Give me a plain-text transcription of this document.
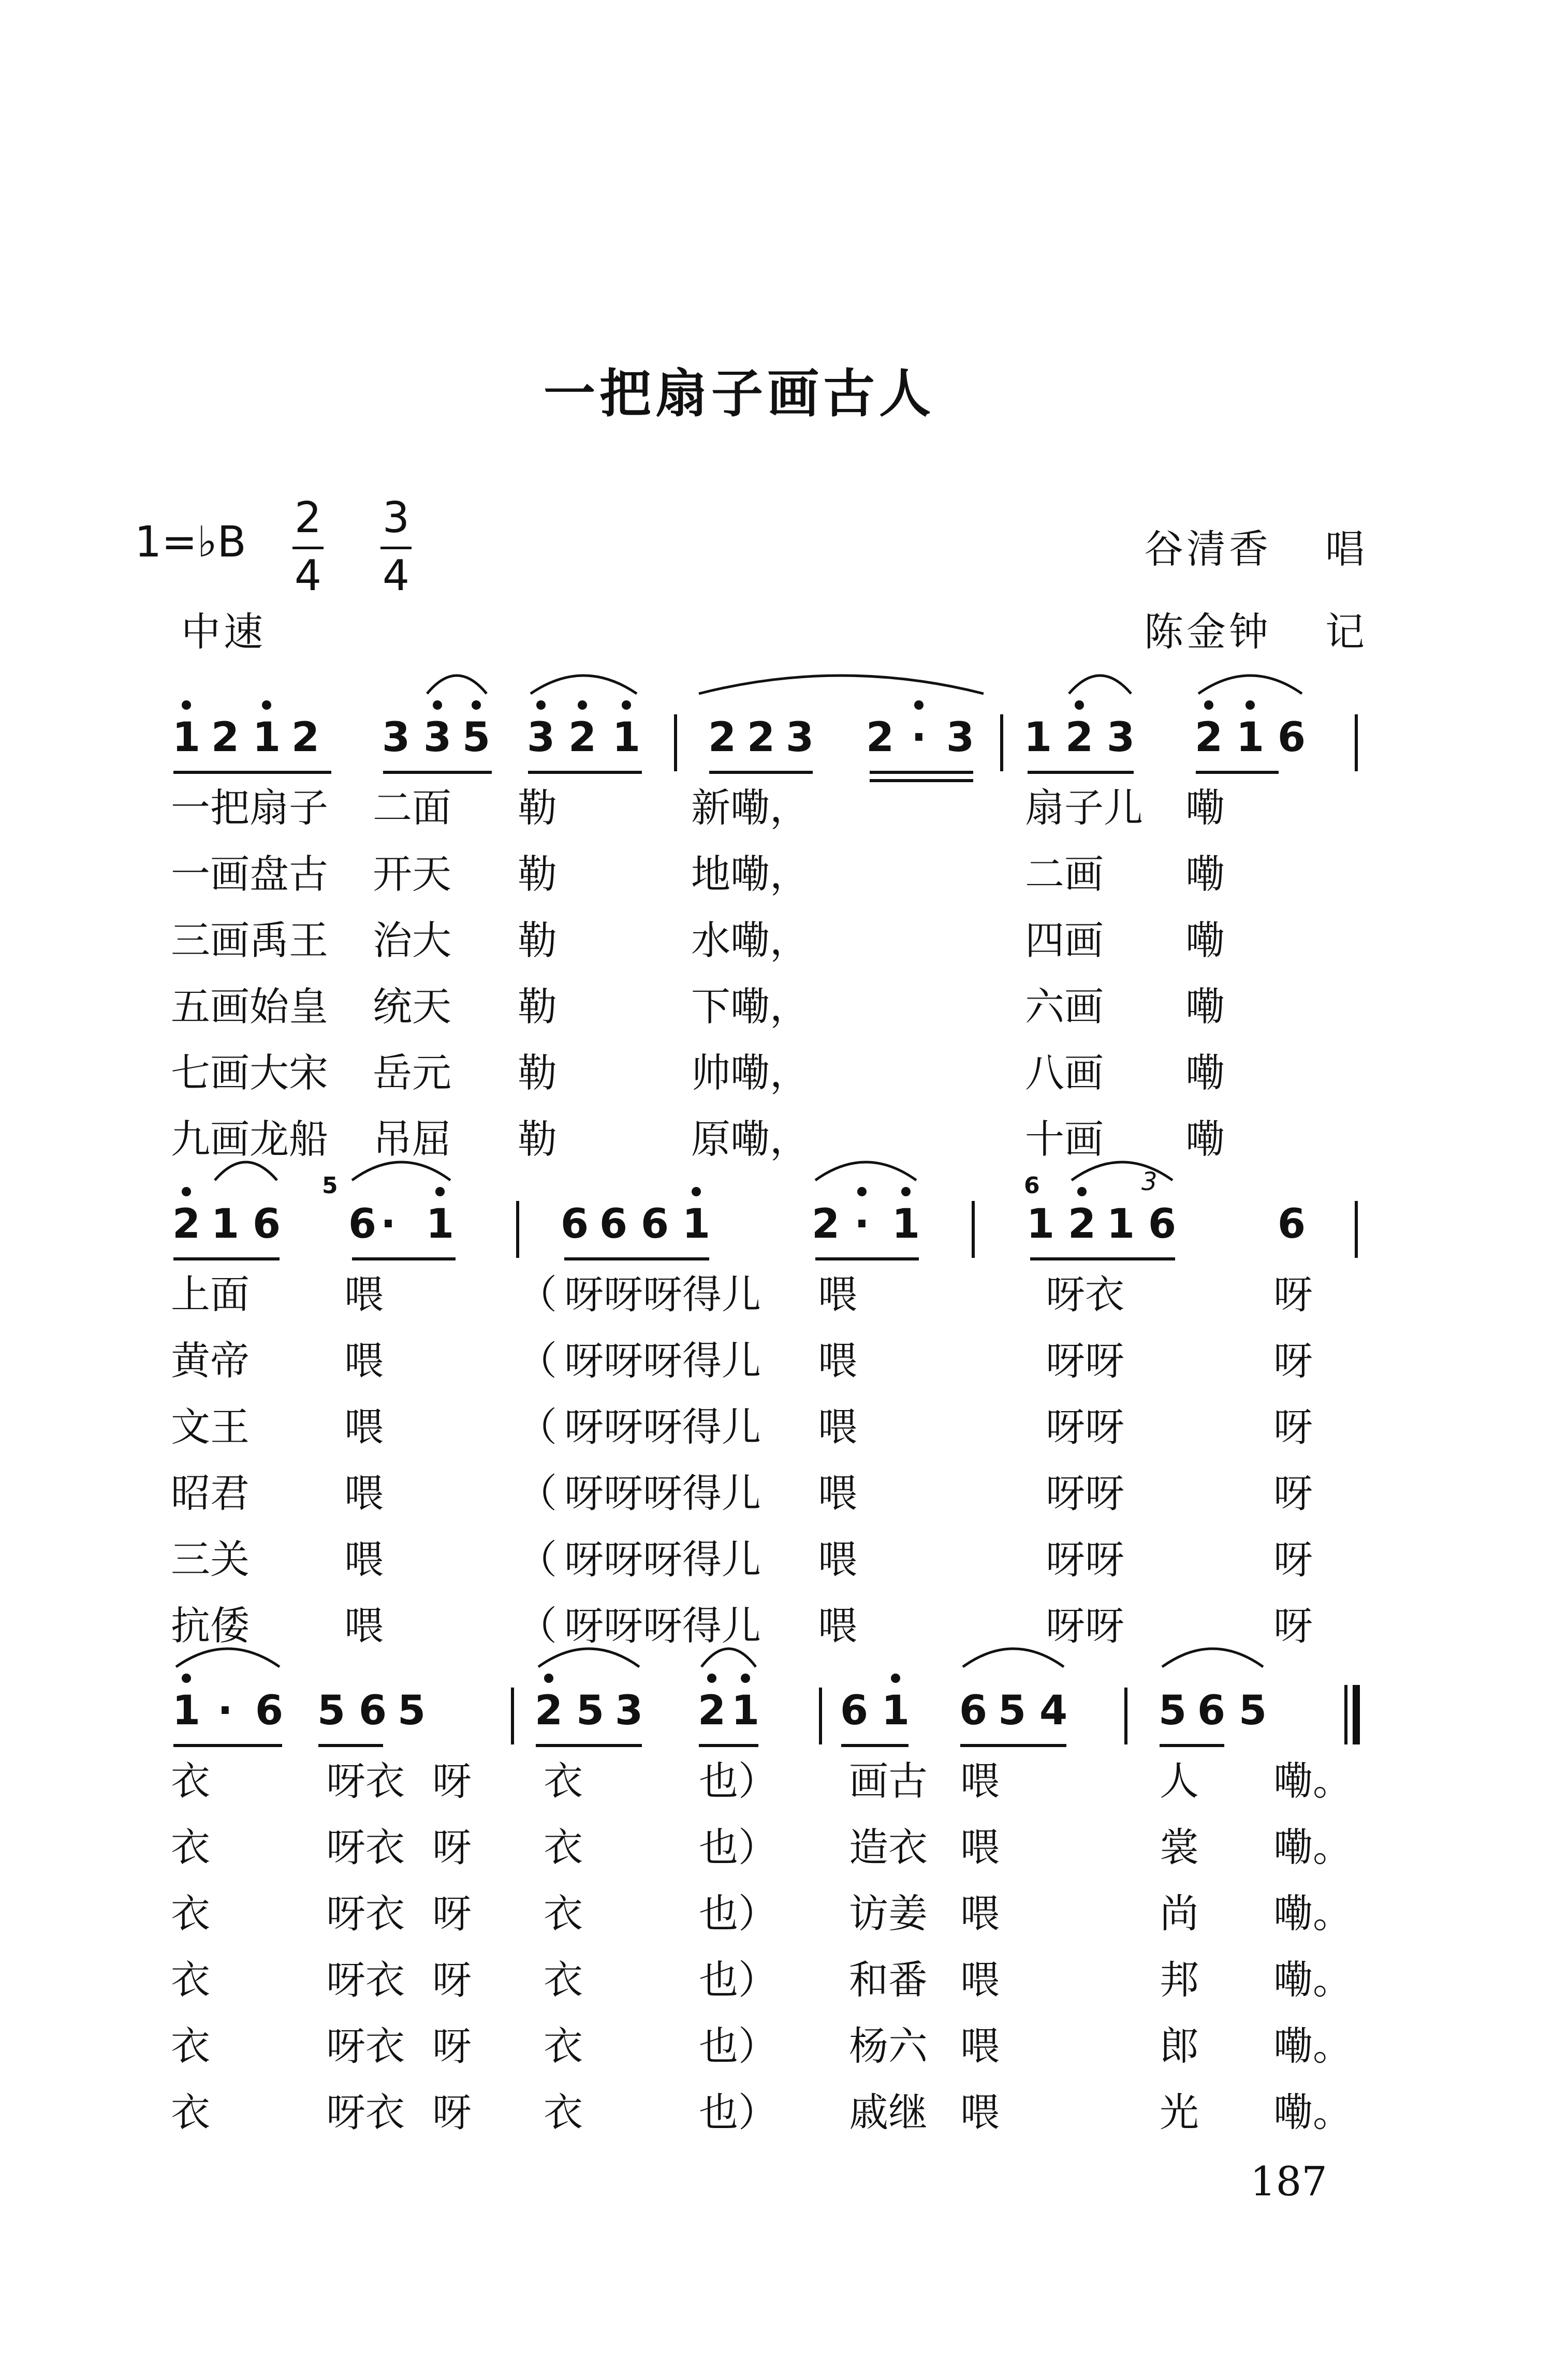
一把扇子画古人
1=♭B 2
4
3
4
中速
谷清香 唱
陈金钟 记
1 2 1 2 3 3 5 3 2 1 2 2 3 2 · 3 1 2 3 2 1 6
一把扇子 二面 勒	新嘞，	扇子儿 嘞
一画盘古 开天 勒	地嘞，	二画 嘞
三画禹王 治大 勒	水嘞，	四画 嘞
五画始皇 统天 勒	下嘞，	六画 嘞
七画大宋 岳元 勒	帅嘞，	八画 嘞
九画龙船 吊屈 勒	原嘞，	十画 嘞
2 1 6 6 · 1	6 6 6 1	2 · 1	1 2 1 6	6
上面 喂	（ 呀呀呀得儿 喂	呀衣	呀
黄帝 喂	（ 呀呀呀得儿 喂	呀呀	呀
文王 喂	（ 呀呀呀得儿 喂	呀呀	呀
昭君 喂	（ 呀呀呀得儿 喂	呀呀	呀
三关 喂	（ 呀呀呀得儿 喂	呀呀	呀
抗倭 喂	（ 呀呀呀得儿 喂	呀呀	呀
1 · 6 5 6 5	2 5 3 2 1 6 1 6 5 4 5 6 5
衣	呀衣 呀 衣	也） 画古 喂	人 嘞。
衣	呀衣 呀 衣	也） 造衣 喂	裳 嘞。
衣	呀衣 呀 衣	也） 访姜 喂	尚 嘞。
衣	呀衣 呀 衣	也） 和番 喂	邦 嘞。
衣	呀衣 呀 衣	也） 杨六 喂	郎 嘞。
衣	呀衣 呀 衣	也） 戚继 喂	光 嘞。
5	6	3
187
